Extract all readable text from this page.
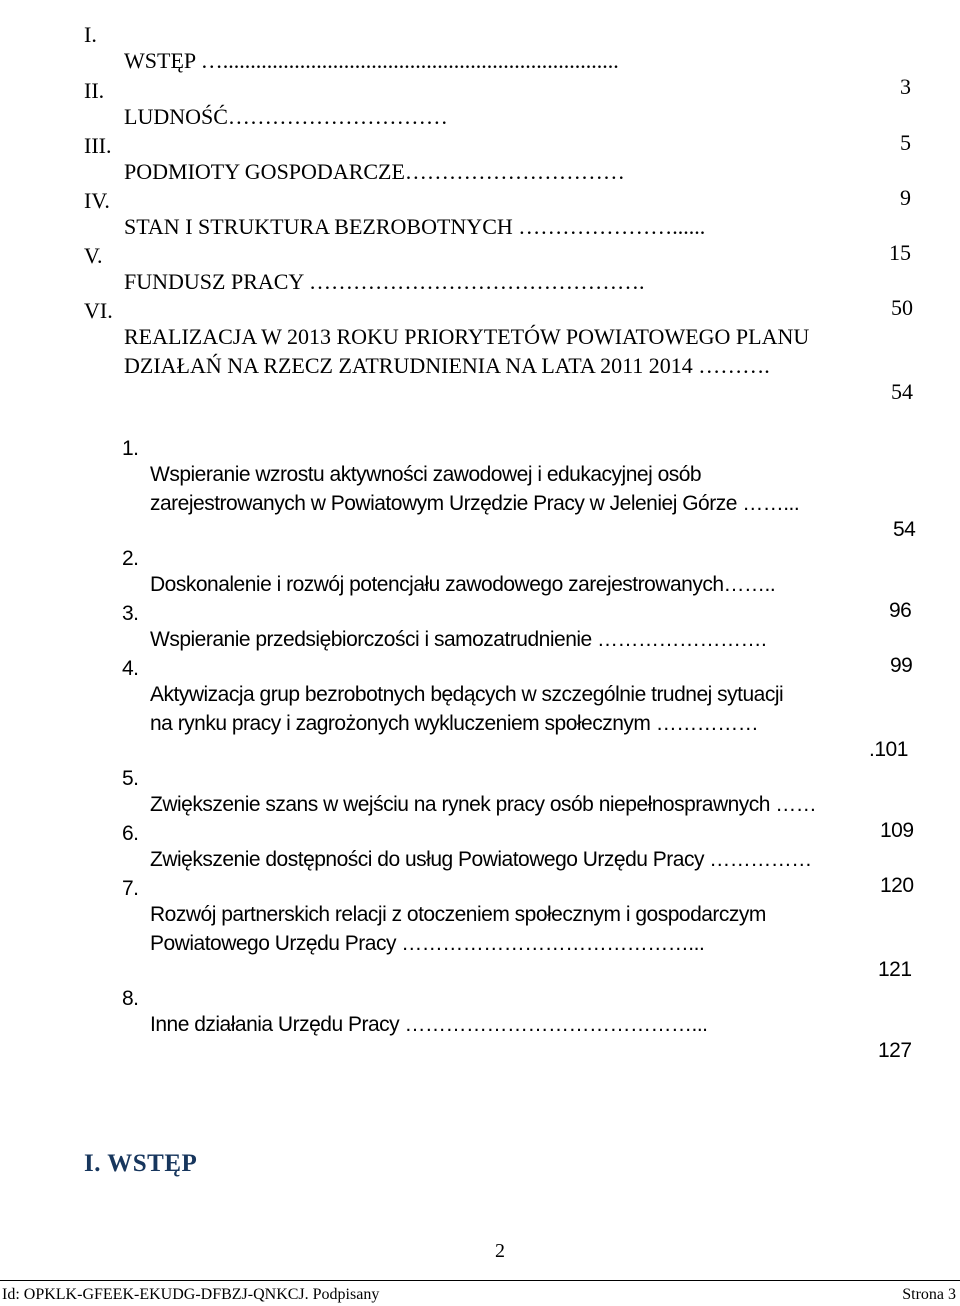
I.

WSTĘP …........................................................................

3

II.

LUDNOŚĆ…………………………

5

III.

PODMIOTY GOSPODARCZE…………………………

9

IV.

STAN I STRUKTURA BEZROBOTNYCH …………………......

15

V.

FUNDUSZ PRACY ……………………………………….

50

VI.

REALIZACJA W 2013 ROKU PRIORYTETÓW POWIATOWEGO PLANU

DZIAŁAŃ NA RZECZ ZATRUDNIENIA NA LATA 2011 2014 ……….

54

1.

Wspieranie wzrostu aktywności zawodowej i edukacyjnej osób

zarejestrowanych w Powiatowym Urzędzie Pracy w Jeleniej Górze ……...

54

2.

Doskonalenie i rozwój potencjału zawodowego zarejestrowanych……..

96

3.

Wspieranie przedsiębiorczości i samozatrudnienie …………………….

99

4.

Aktywizacja grup bezrobotnych będących w szczególnie trudnej sytuacji

na rynku pracy i zagrożonych wykluczeniem społecznym ……………

.101

5.

Zwiększenie szans w wejściu na rynek pracy osób niepełnosprawnych ……

109

6.

Zwiększenie dostępności do usług Powiatowego Urzędu Pracy ……………

120

7.

Rozwój partnerskich relacji z otoczeniem społecznym i gospodarczym

Powiatowego Urzędu Pracy ……………………………………...

121

8.

Inne działania Urzędu Pracy ……………………………………...

127

I. WSTĘP
2
Id: OPKLK-GFEEK-EKUDG-DFBZJ-QNKCJ. Podpisany	Strona 3
